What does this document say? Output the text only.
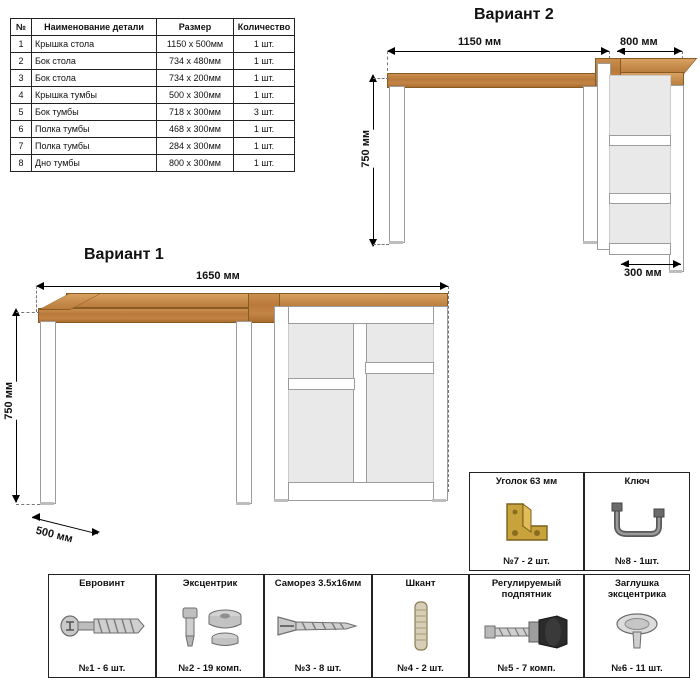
№	Наименование детали	Размер	Количество
1	Крышка стола	1150 x 500мм	1 шт.
2	Бок стола	734 x 480мм	1 шт.
3	Бок стола	734 x 200мм	1 шт.
4	Крышка тумбы	500 x 300мм	1 шт.
5	Бок тумбы	718 x 300мм	3 шт.
6	Полка тумбы	468 x 300мм	1 шт.
7	Полка тумбы	284 x 300мм	1 шт.
8	Дно тумбы	800 x 300мм	1 шт.
Вариант 2
1150 мм	800 мм
750 мм
300 мм
Вариант 1
1650 мм
750 мм
500 мм
Уголок 63 мм
№7 - 2 шт.
Ключ
№8 - 1шт.
Евровинт
№1 - 6 шт.
Эксцентрик
№2 - 19 комп.
Саморез 3.5x16мм
№3 - 8 шт.
Шкант
№4 - 2 шт.
Регулируемый подпятник
№5 - 7 комп.
Заглушка эксцентрика
№6 - 11 шт.
